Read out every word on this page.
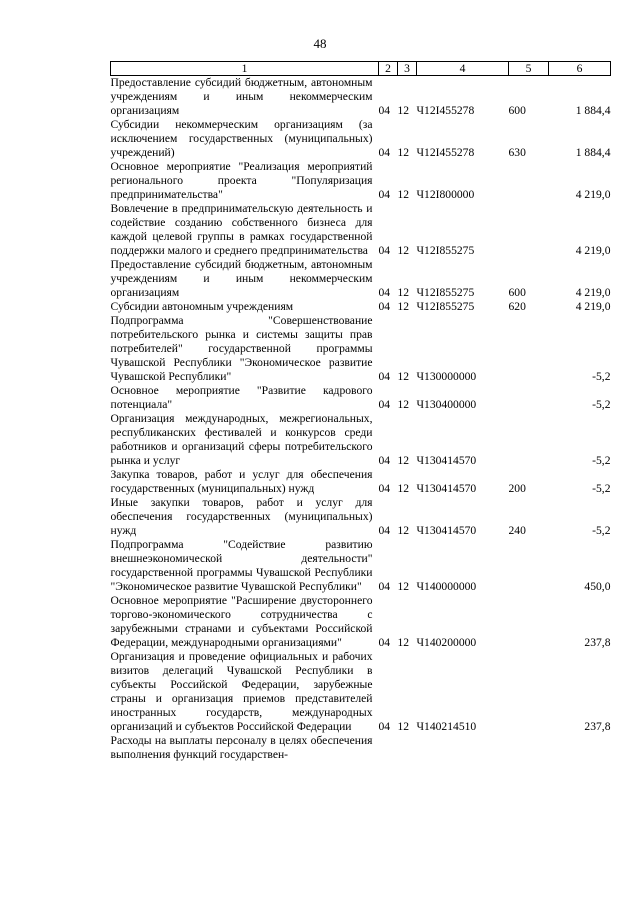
48
1	2	3	4	5	6
Предоставление субсидий бюджетным, автономным учреждениям и иным некоммерческим организациям	04	12	Ч12I455278	600	1 884,4
Субсидии некоммерческим организациям (за исключением государственных (муниципальных) учреждений)	04	12	Ч12I455278	630	1 884,4
Основное мероприятие "Реализация мероприятий регионального проекта "Популяризация предпринимательства"	04	12	Ч12I800000		4 219,0
Вовлечение в предпринимательскую деятельность и содействие созданию собственного бизнеса для каждой целевой группы в рамках государственной поддержки малого и среднего предпринимательства	04	12	Ч12I855275		4 219,0
Предоставление субсидий бюджетным, автономным учреждениям и иным некоммерческим организациям	04	12	Ч12I855275	600	4 219,0
Субсидии автономным учреждениям	04	12	Ч12I855275	620	4 219,0
Подпрограмма "Совершенствование потребительского рынка и системы защиты прав потребителей" государственной программы Чувашской Республики "Экономическое развитие Чувашской Республики"	04	12	Ч130000000		-5,2
Основное мероприятие "Развитие кадрового потенциала"	04	12	Ч130400000		-5,2
Организация международных, межрегиональных, республиканских фестивалей и конкурсов среди работников и организаций сферы потребительского рынка и услуг	04	12	Ч130414570		-5,2
Закупка товаров, работ и услуг для обеспечения государственных (муниципальных) нужд	04	12	Ч130414570	200	-5,2
Иные закупки товаров, работ и услуг для обеспечения государственных (муниципальных) нужд	04	12	Ч130414570	240	-5,2
Подпрограмма "Содействие развитию внешнеэкономической деятельности" государственной программы Чувашской Республики "Экономическое развитие Чувашской Республики"	04	12	Ч140000000		450,0
Основное мероприятие "Расширение двустороннего торгово-экономического сотрудничества с зарубежными странами и субъектами Российской Федерации, международными организациями"	04	12	Ч140200000		237,8
Организация и проведение официальных и рабочих визитов делегаций Чувашской Республики в субъекты Российской Федерации, зарубежные страны и организация приемов представителей иностранных государств, международных организаций и субъектов Российской Федерации	04	12	Ч140214510		237,8
Расходы на выплаты персоналу в целях обеспечения выполнения функций государствен-					
